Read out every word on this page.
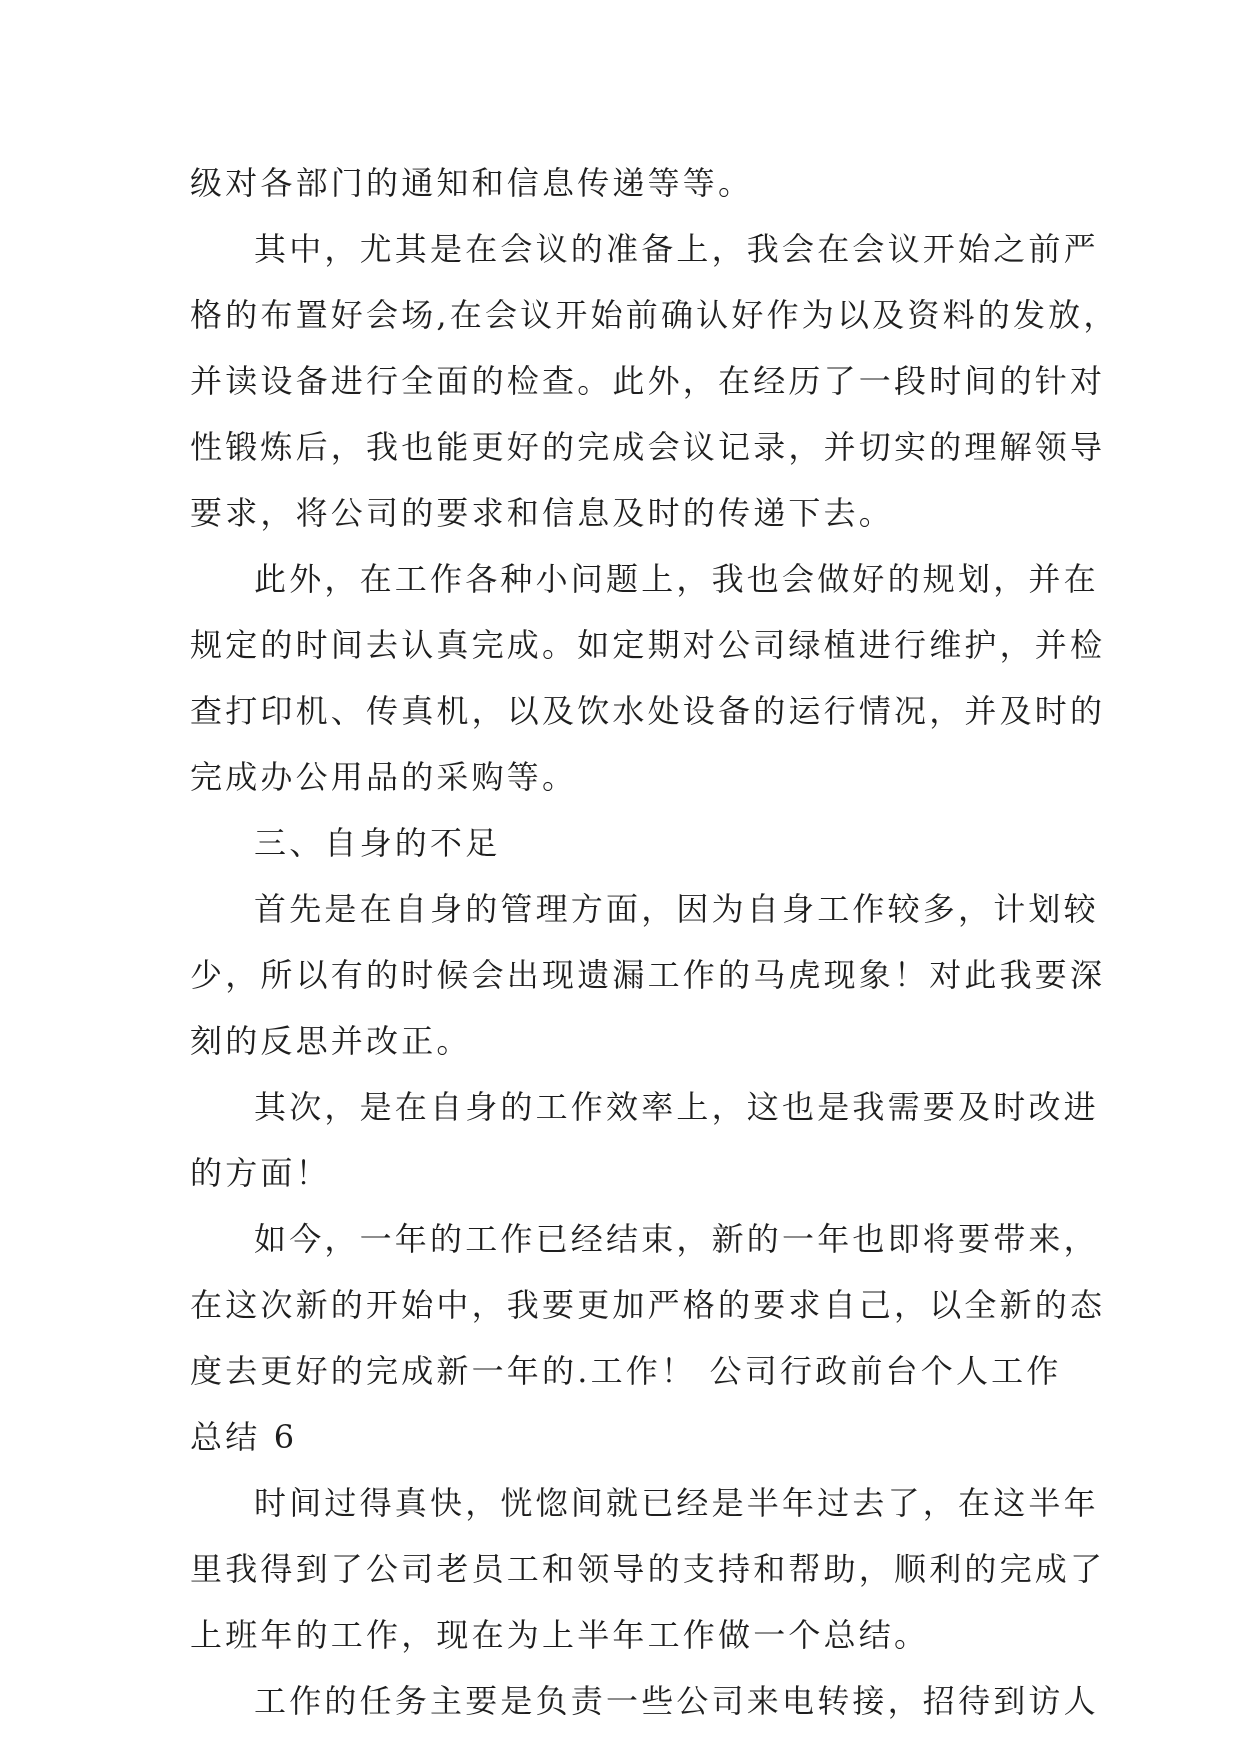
级对各部门的通知和信息传递等等。
其中，尤其是在会议的准备上，我会在会议开始之前严
格的布置好会场,在会议开始前确认好作为以及资料的发放，
并读设备进行全面的检查。此外，在经历了一段时间的针对
性锻炼后，我也能更好的完成会议记录，并切实的理解领导
要求，将公司的要求和信息及时的传递下去。
此外，在工作各种小问题上，我也会做好的规划，并在
规定的时间去认真完成。如定期对公司绿植进行维护，并检
查打印机、传真机，以及饮水处设备的运行情况，并及时的
完成办公用品的采购等。
三、自身的不足
首先是在自身的管理方面，因为自身工作较多，计划较
少，所以有的时候会出现遗漏工作的马虎现象！对此我要深
刻的反思并改正。
其次，是在自身的工作效率上，这也是我需要及时改进
的方面！
如今，一年的工作已经结束，新的一年也即将要带来，
在这次新的开始中，我要更加严格的要求自己，以全新的态
度去更好的完成新一年的.工作！ 公司行政前台个人工作
总结 6
时间过得真快，恍惚间就已经是半年过去了，在这半年
里我得到了公司老员工和领导的支持和帮助，顺利的完成了
上班年的工作，现在为上半年工作做一个总结。
工作的任务主要是负责一些公司来电转接，招待到访人
